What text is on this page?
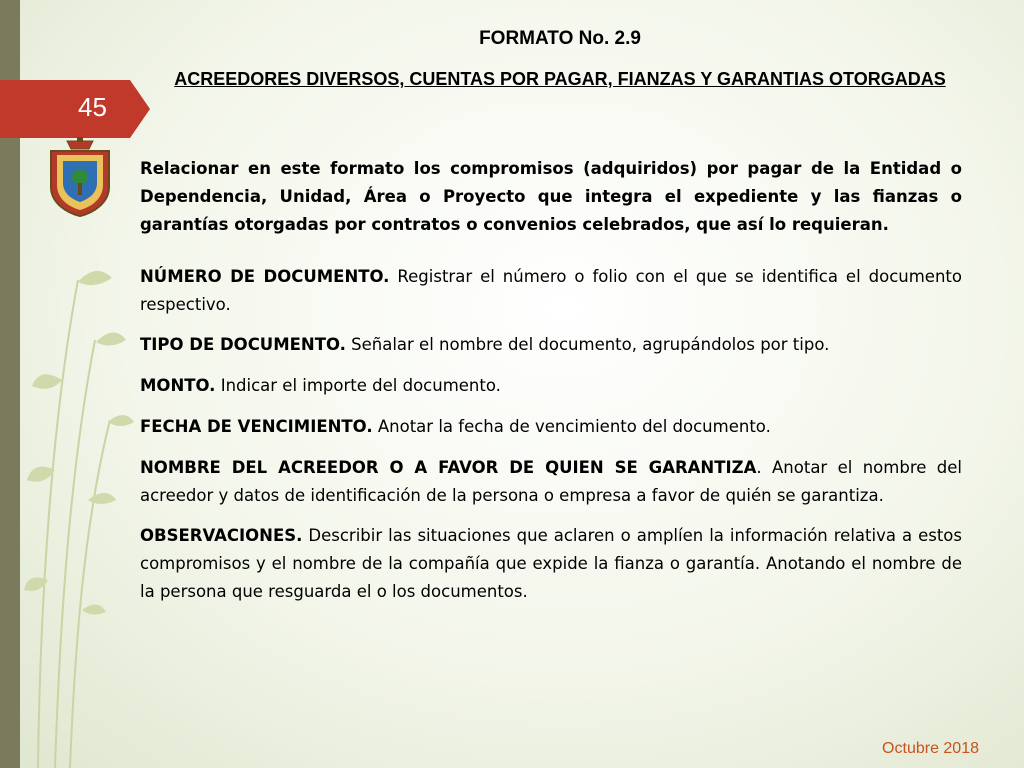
FORMATO No. 2.9
ACREEDORES DIVERSOS, CUENTAS POR PAGAR, FIANZAS Y GARANTIAS OTORGADAS
45

Relacionar en este formato los compromisos (adquiridos) por pagar de la Entidad o Dependencia, Unidad, Área o Proyecto que integra el expediente y las fianzas o garantías otorgadas por contratos o convenios celebrados, que así lo requieran.

NÚMERO DE DOCUMENTO. Registrar el número o folio con el que se identifica el documento respectivo.

TIPO DE DOCUMENTO. Señalar el nombre del documento, agrupándolos por tipo.

MONTO. Indicar el importe del documento.

FECHA DE VENCIMIENTO. Anotar la fecha de vencimiento del documento.

NOMBRE DEL ACREEDOR O A FAVOR DE QUIEN SE GARANTIZA. Anotar el nombre del acreedor y datos de identificación de la persona o empresa a favor de quién se garantiza.

OBSERVACIONES. Describir las situaciones que aclaren o amplíen la información relativa a estos compromisos y el nombre de la compañía que expide la fianza o garantía. Anotando el nombre de la persona que resguarda el o los documentos.

Octubre 2018
